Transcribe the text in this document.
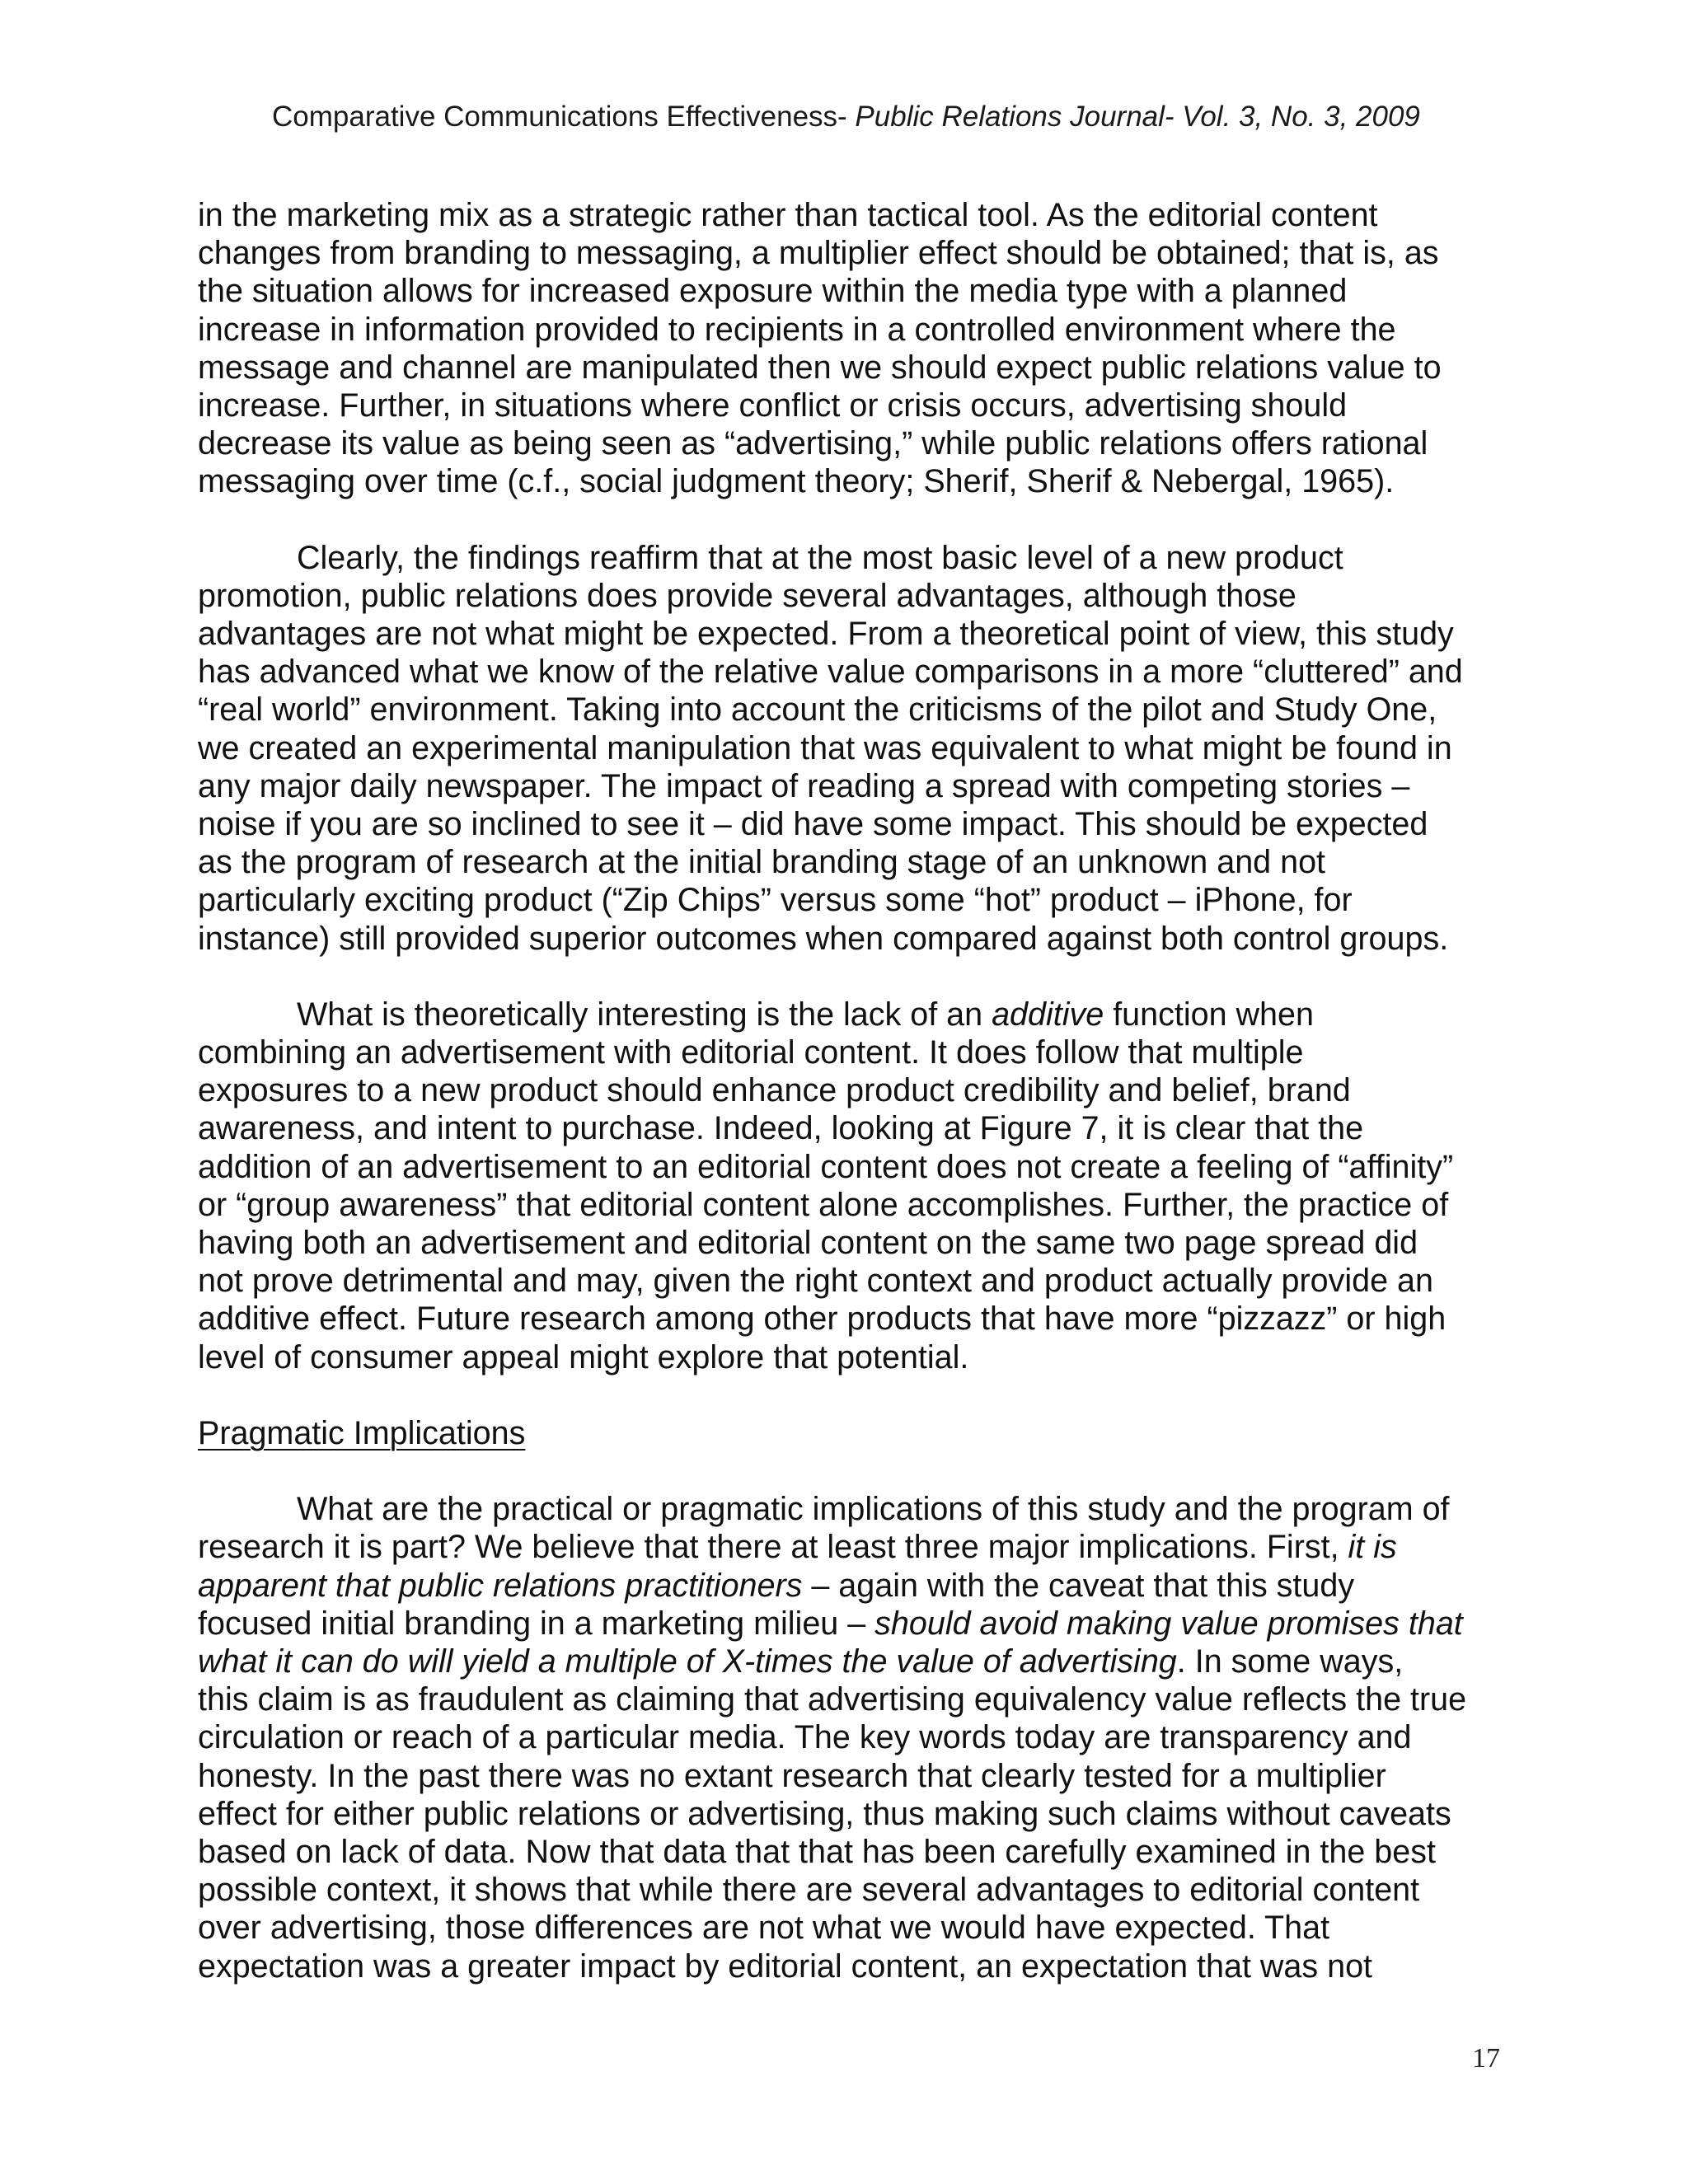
Comparative Communications Effectiveness- Public Relations Journal- Vol. 3, No. 3, 2009

in the marketing mix as a strategic rather than tactical tool. As the editorial content
changes from branding to messaging, a multiplier effect should be obtained; that is, as
the situation allows for increased exposure within the media type with a planned
increase in information provided to recipients in a controlled environment where the
message and channel are manipulated then we should expect public relations value to
increase. Further, in situations where conflict or crisis occurs, advertising should
decrease its value as being seen as “advertising,” while public relations offers rational
messaging over time (c.f., social judgment theory; Sherif, Sherif & Nebergal, 1965).

Clearly, the findings reaffirm that at the most basic level of a new product
promotion, public relations does provide several advantages, although those
advantages are not what might be expected. From a theoretical point of view, this study
has advanced what we know of the relative value comparisons in a more “cluttered” and
“real world” environment. Taking into account the criticisms of the pilot and Study One,
we created an experimental manipulation that was equivalent to what might be found in
any major daily newspaper. The impact of reading a spread with competing stories –
noise if you are so inclined to see it – did have some impact. This should be expected
as the program of research at the initial branding stage of an unknown and not
particularly exciting product (“Zip Chips” versus some “hot” product – iPhone, for
instance) still provided superior outcomes when compared against both control groups.

What is theoretically interesting is the lack of an additive function when
combining an advertisement with editorial content. It does follow that multiple
exposures to a new product should enhance product credibility and belief, brand
awareness, and intent to purchase. Indeed, looking at Figure 7, it is clear that the
addition of an advertisement to an editorial content does not create a feeling of “affinity”
or “group awareness” that editorial content alone accomplishes. Further, the practice of
having both an advertisement and editorial content on the same two page spread did
not prove detrimental and may, given the right context and product actually provide an
additive effect. Future research among other products that have more “pizzazz” or high
level of consumer appeal might explore that potential.

Pragmatic Implications

What are the practical or pragmatic implications of this study and the program of
research it is part? We believe that there at least three major implications. First, it is
apparent that public relations practitioners – again with the caveat that this study
focused initial branding in a marketing milieu – should avoid making value promises that
what it can do will yield a multiple of X-times the value of advertising. In some ways,
this claim is as fraudulent as claiming that advertising equivalency value reflects the true
circulation or reach of a particular media. The key words today are transparency and
honesty. In the past there was no extant research that clearly tested for a multiplier
effect for either public relations or advertising, thus making such claims without caveats
based on lack of data. Now that data that that has been carefully examined in the best
possible context, it shows that while there are several advantages to editorial content
over advertising, those differences are not what we would have expected. That
expectation was a greater impact by editorial content, an expectation that was not

17
